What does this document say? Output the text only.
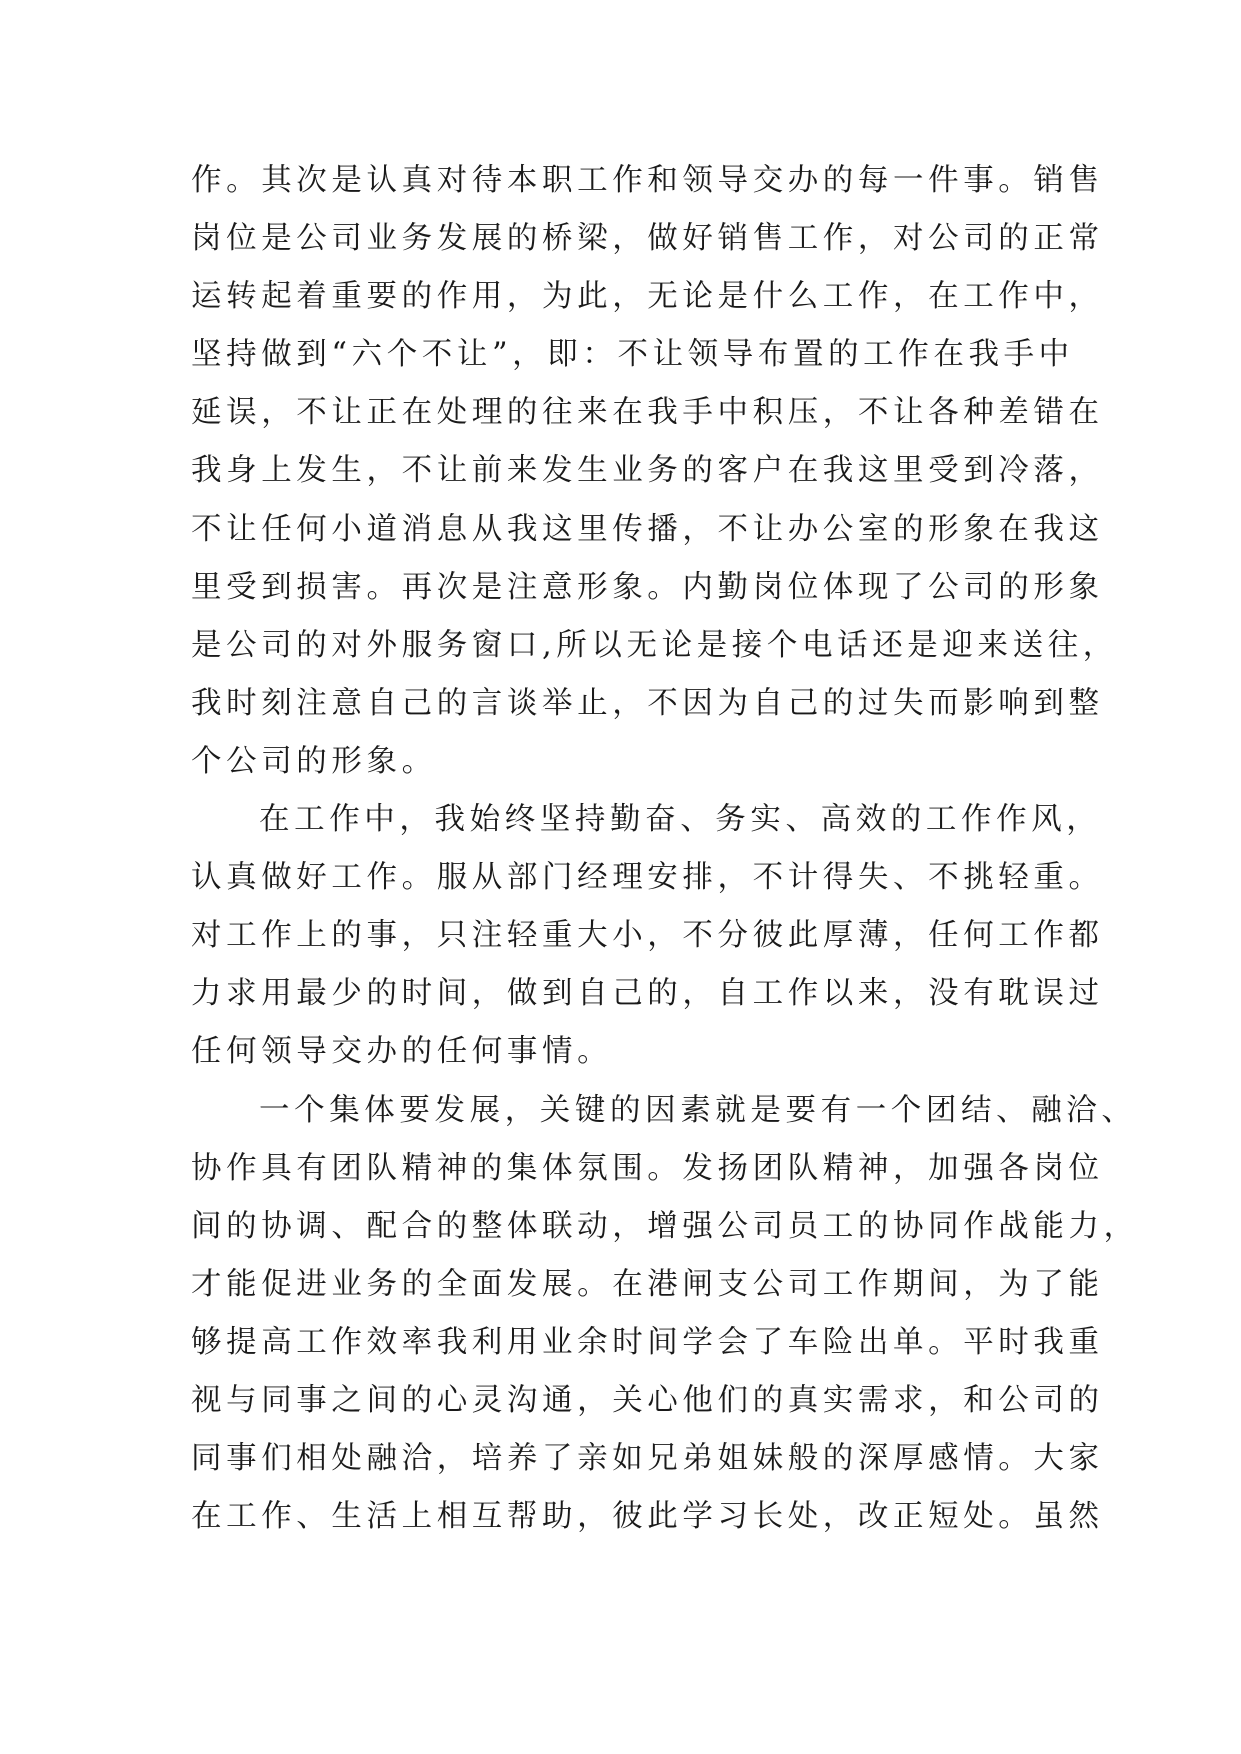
作。其次是认真对待本职工作和领导交办的每一件事。销售
岗位是公司业务发展的桥梁，做好销售工作，对公司的正常
运转起着重要的作用，为此，无论是什么工作，在工作中，
坚持做到“六个不让”，即：不让领导布置的工作在我手中
延误，不让正在处理的往来在我手中积压，不让各种差错在
我身上发生，不让前来发生业务的客户在我这里受到冷落，
不让任何小道消息从我这里传播，不让办公室的形象在我这
里受到损害。再次是注意形象。内勤岗位体现了公司的形象
是公司的对外服务窗口,所以无论是接个电话还是迎来送往，
我时刻注意自己的言谈举止，不因为自己的过失而影响到整
个公司的形象。
在工作中，我始终坚持勤奋、务实、高效的工作作风，
认真做好工作。服从部门经理安排，不计得失、不挑轻重。
对工作上的事，只注轻重大小，不分彼此厚薄，任何工作都
力求用最少的时间，做到自己的，自工作以来，没有耽误过
任何领导交办的任何事情。
一个集体要发展，关键的因素就是要有一个团结、融洽、
协作具有团队精神的集体氛围。发扬团队精神，加强各岗位
间的协调、配合的整体联动，增强公司员工的协同作战能力，
才能促进业务的全面发展。在港闸支公司工作期间，为了能
够提高工作效率我利用业余时间学会了车险出单。平时我重
视与同事之间的心灵沟通，关心他们的真实需求，和公司的
同事们相处融洽，培养了亲如兄弟姐妹般的深厚感情。大家
在工作、生活上相互帮助，彼此学习长处，改正短处。虽然
